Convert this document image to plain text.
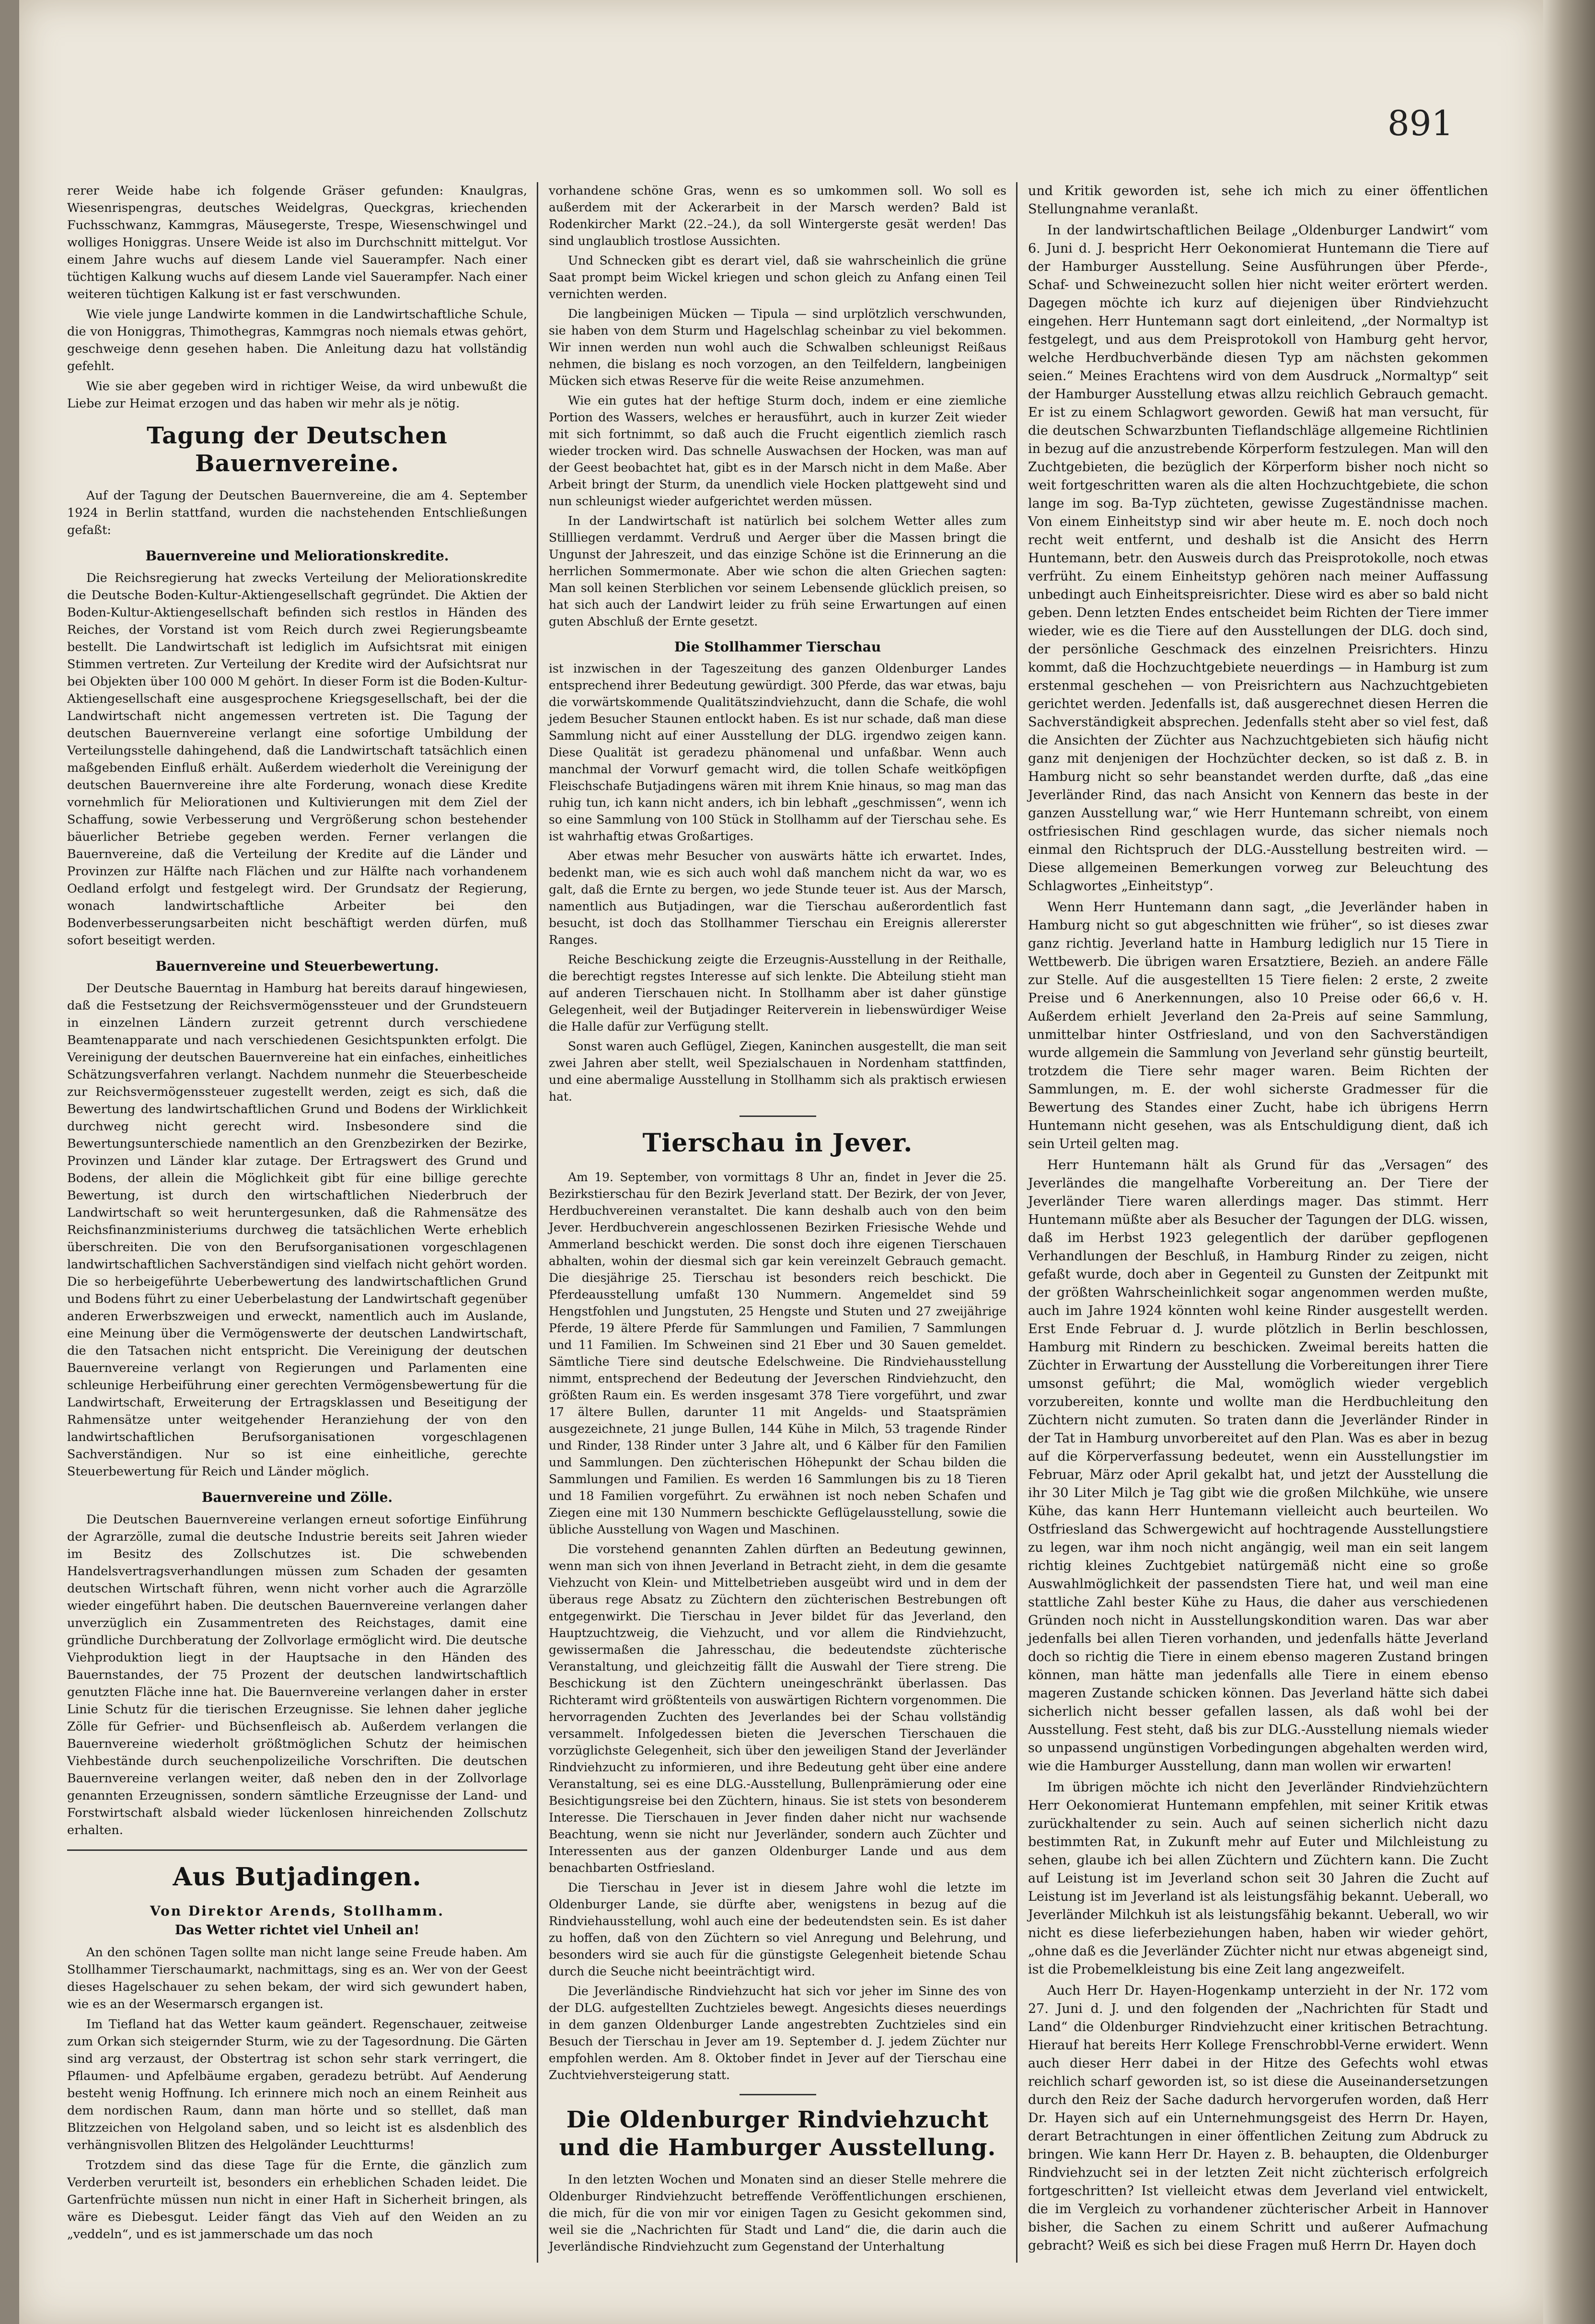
891

rerer Weide habe ich folgende Gräser gefunden: Knaulgras, Wiesenrispengras, deutsches Weidelgras, Queckgras, kriechenden Fuchsschwanz, Kammgras, Mäusegerste, Trespe, Wiesenschwingel und wolliges Honiggras. Unsere Weide ist also im Durchschnitt mittelgut. Vor einem Jahre wuchs auf diesem Lande viel Sauerampfer. Nach einer tüchtigen Kalkung wuchs auf diesem Lande viel Sauerampfer. Nach einer weiteren tüchtigen Kalkung ist er fast verschwunden.

Wie viele junge Landwirte kommen in die Landwirtschaftliche Schule, die von Honiggras, Thimothegras, Kammgras noch niemals etwas gehört, geschweige denn gesehen haben. Die Anleitung dazu hat vollständig gefehlt.

Wie sie aber gegeben wird in richtiger Weise, da wird unbewußt die Liebe zur Heimat erzogen und das haben wir mehr als je nötig.

Tagung der Deutschen Bauernvereine.

Auf der Tagung der Deutschen Bauernvereine, die am 4. September 1924 in Berlin stattfand, wurden die nachstehenden Entschließungen gefaßt:

Bauernvereine und Meliorationskredite.

Die Reichsregierung hat zwecks Verteilung der Meliorationskredite die Deutsche Boden-Kultur-Aktiengesellschaft gegründet. Die Aktien der Boden-Kultur-Aktiengesellschaft befinden sich restlos in Händen des Reiches, der Vorstand ist vom Reich durch zwei Regierungsbeamte bestellt. Die Landwirtschaft ist lediglich im Aufsichtsrat mit einigen Stimmen vertreten. Zur Verteilung der Kredite wird der Aufsichtsrat nur bei Objekten über 100 000 M gehört. In dieser Form ist die Boden-Kultur-Aktiengesellschaft eine ausgesprochene Kriegsgesellschaft, bei der die Landwirtschaft nicht angemessen vertreten ist. Die Tagung der deutschen Bauernvereine verlangt eine sofortige Umbildung der Verteilungsstelle dahingehend, daß die Landwirtschaft tatsächlich einen maßgebenden Einfluß erhält. Außerdem wiederholt die Vereinigung der deutschen Bauernvereine ihre alte Forderung, wonach diese Kredite vornehmlich für Meliorationen und Kultivierungen mit dem Ziel der Schaffung, sowie Verbesserung und Vergrößerung schon bestehender bäuerlicher Betriebe gegeben werden. Ferner verlangen die Bauernvereine, daß die Verteilung der Kredite auf die Länder und Provinzen zur Hälfte nach Flächen und zur Hälfte nach vorhandenem Oedland erfolgt und festgelegt wird. Der Grundsatz der Regierung, wonach landwirtschaftliche Arbeiter bei den Bodenverbesserungsarbeiten nicht beschäftigt werden dürfen, muß sofort beseitigt werden.

Bauernvereine und Steuerbewertung.

Der Deutsche Bauerntag in Hamburg hat bereits darauf hingewiesen, daß die Festsetzung der Reichsvermögenssteuer und der Grundsteuern in einzelnen Ländern zurzeit getrennt durch verschiedene Beamtenapparate und nach verschiedenen Gesichtspunkten erfolgt. Die Vereinigung der deutschen Bauernvereine hat ein einfaches, einheitliches Schätzungsverfahren verlangt. Nachdem nunmehr die Steuerbescheide zur Reichsvermögenssteuer zugestellt werden, zeigt es sich, daß die Bewertung des landwirtschaftlichen Grund und Bodens der Wirklichkeit durchweg nicht gerecht wird. Insbesondere sind die Bewertungsunterschiede namentlich an den Grenzbezirken der Bezirke, Provinzen und Länder klar zutage. Der Ertragswert des Grund und Bodens, der allein die Möglichkeit gibt für eine billige gerechte Bewertung, ist durch den wirtschaftlichen Niederbruch der Landwirtschaft so weit heruntergesunken, daß die Rahmensätze des Reichsfinanzministeriums durchweg die tatsächlichen Werte erheblich überschreiten. Die von den Berufsorganisationen vorgeschlagenen landwirtschaftlichen Sachverständigen sind vielfach nicht gehört worden. Die so herbeigeführte Ueberbewertung des landwirtschaftlichen Grund und Bodens führt zu einer Ueberbelastung der Landwirtschaft gegenüber anderen Erwerbszweigen und erweckt, namentlich auch im Auslande, eine Meinung über die Vermögenswerte der deutschen Landwirtschaft, die den Tatsachen nicht entspricht. Die Vereinigung der deutschen Bauernvereine verlangt von Regierungen und Parlamenten eine schleunige Herbeiführung einer gerechten Vermögensbewertung für die Landwirtschaft, Erweiterung der Ertragsklassen und Beseitigung der Rahmensätze unter weitgehender Heranziehung der von den landwirtschaftlichen Berufsorganisationen vorgeschlagenen Sachverständigen. Nur so ist eine einheitliche, gerechte Steuerbewertung für Reich und Länder möglich.

Bauernvereine und Zölle.

Die Deutschen Bauernvereine verlangen erneut sofortige Einführung der Agrarzölle, zumal die deutsche Industrie bereits seit Jahren wieder im Besitz des Zollschutzes ist. Die schwebenden Handelsvertragsverhandlungen müssen zum Schaden der gesamten deutschen Wirtschaft führen, wenn nicht vorher auch die Agrarzölle wieder eingeführt haben. Die deutschen Bauernvereine verlangen daher unverzüglich ein Zusammentreten des Reichstages, damit eine gründliche Durchberatung der Zollvorlage ermöglicht wird. Die deutsche Viehproduktion liegt in der Hauptsache in den Händen des Bauernstandes, der 75 Prozent der deutschen landwirtschaftlich genutzten Fläche inne hat. Die Bauernvereine verlangen daher in erster Linie Schutz für die tierischen Erzeugnisse. Sie lehnen daher jegliche Zölle für Gefrier- und Büchsenfleisch ab. Außerdem verlangen die Bauernvereine wiederholt größtmöglichen Schutz der heimischen Viehbestände durch seuchenpolizeiliche Vorschriften. Die deutschen Bauernvereine verlangen weiter, daß neben den in der Zollvorlage genannten Erzeugnissen, sondern sämtliche Erzeugnisse der Land- und Forstwirtschaft alsbald wieder lückenlosen hinreichenden Zollschutz erhalten.

Aus Butjadingen.
Von Direktor Arends, Stollhamm.
Das Wetter richtet viel Unheil an!

An den schönen Tagen sollte man nicht lange seine Freude haben. Am Stollhammer Tierschaumarkt, nachmittags, sing es an. Wer von der Geest dieses Hagelschauer zu sehen bekam, der wird sich gewundert haben, wie es an der Wesermarsch ergangen ist.

Im Tiefland hat das Wetter kaum geändert. Regenschauer, zeitweise zum Orkan sich steigernder Sturm, wie zu der Tagesordnung. Die Gärten sind arg verzaust, der Obstertrag ist schon sehr stark verringert, die Pflaumen- und Apfelbäume ergaben, geradezu betrübt. Auf Aenderung besteht wenig Hoffnung. Ich erinnere mich noch an einem Reinheit aus dem nordischen Raum, dann man hörte und so stelllet, daß man Blitzzeichen von Helgoland saben, und so leicht ist es alsdenblich des verhängnisvollen Blitzen des Helgoländer Leuchtturms!

Trotzdem sind das diese Tage für die Ernte, die gänzlich zum Verderben verurteilt ist, besonders ein erheblichen Schaden leidet. Die Gartenfrüchte müssen nun nicht in einer Haft in Sicherheit bringen, als wäre es Diebesgut. Leider fängt das Vieh auf den Weiden an zu „veddeln“, und es ist jammerschade um das noch

vorhandene schöne Gras, wenn es so umkommen soll. Wo soll es außerdem mit der Ackerarbeit in der Marsch werden? Bald ist Rodenkircher Markt (22.–24.), da soll Wintergerste gesät werden! Das sind unglaublich trostlose Aussichten.

Und Schnecken gibt es derart viel, daß sie wahrscheinlich die grüne Saat prompt beim Wickel kriegen und schon gleich zu Anfang einen Teil vernichten werden.

Die langbeinigen Mücken — Tipula — sind urplötzlich verschwunden, sie haben von dem Sturm und Hagelschlag scheinbar zu viel bekommen. Wir innen werden nun wohl auch die Schwalben schleunigst Reißaus nehmen, die bislang es noch vorzogen, an den Teilfeldern, langbeinigen Mücken sich etwas Reserve für die weite Reise anzumehmen.

Wie ein gutes hat der heftige Sturm doch, indem er eine ziemliche Portion des Wassers, welches er herausführt, auch in kurzer Zeit wieder mit sich fortnimmt, so daß auch die Frucht eigentlich ziemlich rasch wieder trocken wird. Das schnelle Auswachsen der Hocken, was man auf der Geest beobachtet hat, gibt es in der Marsch nicht in dem Maße. Aber Arbeit bringt der Sturm, da unendlich viele Hocken plattgeweht sind und nun schleunigst wieder aufgerichtet werden müssen.

In der Landwirtschaft ist natürlich bei solchem Wetter alles zum Stillliegen verdammt. Verdruß und Aerger über die Massen bringt die Ungunst der Jahreszeit, und das einzige Schöne ist die Erinnerung an die herrlichen Sommermonate. Aber wie schon die alten Griechen sagten: Man soll keinen Sterblichen vor seinem Lebensende glücklich preisen, so hat sich auch der Landwirt leider zu früh seine Erwartungen auf einen guten Abschluß der Ernte gesetzt.

Die Stollhammer Tierschau

ist inzwischen in der Tageszeitung des ganzen Oldenburger Landes entsprechend ihrer Bedeutung gewürdigt. 300 Pferde, das war etwas, baju die vorwärtskommende Qualitätszindviehzucht, dann die Schafe, die wohl jedem Besucher Staunen entlockt haben. Es ist nur schade, daß man diese Sammlung nicht auf einer Ausstellung der DLG. irgendwo zeigen kann. Diese Qualität ist geradezu phänomenal und unfaßbar. Wenn auch manchmal der Vorwurf gemacht wird, die tollen Schafe weitköpfigen Fleischschafe Butjadingens wären mit ihrem Knie hinaus, so mag man das ruhig tun, ich kann nicht anders, ich bin lebhaft „geschmissen“, wenn ich so eine Sammlung von 100 Stück in Stollhamm auf der Tierschau sehe. Es ist wahrhaftig etwas Großartiges.

Aber etwas mehr Besucher von auswärts hätte ich erwartet. Indes, bedenkt man, wie es sich auch wohl daß manchem nicht da war, wo es galt, daß die Ernte zu bergen, wo jede Stunde teuer ist. Aus der Marsch, namentlich aus Butjadingen, war die Tierschau außerordentlich fast besucht, ist doch das Stollhammer Tierschau ein Ereignis allererster Ranges.

Reiche Beschickung zeigte die Erzeugnis-Ausstellung in der Reithalle, die berechtigt regstes Interesse auf sich lenkte. Die Abteilung stieht man auf anderen Tierschauen nicht. In Stollhamm aber ist daher günstige Gelegenheit, weil der Butjadinger Reiterverein in liebenswürdiger Weise die Halle dafür zur Verfügung stellt.

Sonst waren auch Geflügel, Ziegen, Kaninchen ausgestellt, die man seit zwei Jahren aber stellt, weil Spezialschauen in Nordenham stattfinden, und eine abermalige Ausstellung in Stollhamm sich als praktisch erwiesen hat.

Tierschau in Jever.

Am 19. September, von vormittags 8 Uhr an, findet in Jever die 25. Bezirkstierschau für den Bezirk Jeverland statt. Der Bezirk, der von Jever, Herdbuchvereinen veranstaltet. Die kann deshalb auch von den beim Jever. Herdbuchverein angeschlossenen Bezirken Friesische Wehde und Ammerland beschickt werden. Die sonst doch ihre eigenen Tierschauen abhalten, wohin der diesmal sich gar kein vereinzelt Gebrauch gemacht. Die diesjährige 25. Tierschau ist besonders reich beschickt. Die Pferdeausstellung umfaßt 130 Nummern. Angemeldet sind 59 Hengstfohlen und Jungstuten, 25 Hengste und Stuten und 27 zweijährige Pferde, 19 ältere Pferde für Sammlungen und Familien, 7 Sammlungen und 11 Familien. Im Schweinen sind 21 Eber und 30 Sauen gemeldet. Sämtliche Tiere sind deutsche Edelschweine. Die Rindviehausstellung nimmt, entsprechend der Bedeutung der Jeverschen Rindviehzucht, den größten Raum ein. Es werden insgesamt 378 Tiere vorgeführt, und zwar 17 ältere Bullen, darunter 11 mit Angelds- und Staatsprämien ausgezeichnete, 21 junge Bullen, 144 Kühe in Milch, 53 tragende Rinder und Rinder, 138 Rinder unter 3 Jahre alt, und 6 Kälber für den Familien und Sammlungen. Den züchterischen Höhepunkt der Schau bilden die Sammlungen und Familien. Es werden 16 Sammlungen bis zu 18 Tieren und 18 Familien vorgeführt. Zu erwähnen ist noch neben Schafen und Ziegen eine mit 130 Nummern beschickte Geflügelausstellung, sowie die übliche Ausstellung von Wagen und Maschinen.

Die vorstehend genannten Zahlen dürften an Bedeutung gewinnen, wenn man sich von ihnen Jeverland in Betracht zieht, in dem die gesamte Viehzucht von Klein- und Mittelbetrieben ausgeübt wird und in dem der überaus rege Absatz zu Züchtern den züchterischen Bestrebungen oft entgegenwirkt. Die Tierschau in Jever bildet für das Jeverland, den Hauptzuchtzweig, die Viehzucht, und vor allem die Rindviehzucht, gewissermaßen die Jahresschau, die bedeutendste züchterische Veranstaltung, und gleichzeitig fällt die Auswahl der Tiere streng. Die Beschickung ist den Züchtern uneingeschränkt überlassen. Das Richteramt wird größtenteils von auswärtigen Richtern vorgenommen. Die hervorragenden Zuchten des Jeverlandes bei der Schau vollständig versammelt. Infolgedessen bieten die Jeverschen Tierschauen die vorzüglichste Gelegenheit, sich über den jeweiligen Stand der Jeverländer Rindviehzucht zu informieren, und ihre Bedeutung geht über eine andere Veranstaltung, sei es eine DLG.-Ausstellung, Bullenprämierung oder eine Besichtigungsreise bei den Züchtern, hinaus. Sie ist stets von besonderem Interesse. Die Tierschauen in Jever finden daher nicht nur wachsende Beachtung, wenn sie nicht nur Jeverländer, sondern auch Züchter und Interessenten aus der ganzen Oldenburger Lande und aus dem benachbarten Ostfriesland.

Die Tierschau in Jever ist in diesem Jahre wohl die letzte im Oldenburger Lande, sie dürfte aber, wenigstens in bezug auf die Rindviehausstellung, wohl auch eine der bedeutendsten sein. Es ist daher zu hoffen, daß von den Züchtern so viel Anregung und Belehrung, und besonders wird sie auch für die günstigste Gelegenheit bietende Schau durch die Seuche nicht beeinträchtigt wird.

Die Jeverländische Rindviehzucht hat sich vor jeher im Sinne des von der DLG. aufgestellten Zuchtzieles bewegt. Angesichts dieses neuerdings in dem ganzen Oldenburger Lande angestrebten Zuchtzieles sind ein Besuch der Tierschau in Jever am 19. September d. J. jedem Züchter nur empfohlen werden. Am 8. Oktober findet in Jever auf der Tierschau eine Zuchtviehversteigerung statt.

Die Oldenburger Rindviehzucht und die Hamburger Ausstellung.

In den letzten Wochen und Monaten sind an dieser Stelle mehrere die Oldenburger Rindviehzucht betreffende Veröffentlichungen erschienen, die mich, für die von mir vor einigen Tagen zu Gesicht gekommen sind, weil sie die „Nachrichten für Stadt und Land“ die, die darin auch die Jeverländische Rindviehzucht zum Gegenstand der Unterhaltung

und Kritik geworden ist, sehe ich mich zu einer öffentlichen Stellungnahme veranlaßt.

In der landwirtschaftlichen Beilage „Oldenburger Landwirt“ vom 6. Juni d. J. bespricht Herr Oekonomierat Huntemann die Tiere auf der Hamburger Ausstellung. Seine Ausführungen über Pferde-, Schaf- und Schweinezucht sollen hier nicht weiter erörtert werden. Dagegen möchte ich kurz auf diejenigen über Rindviehzucht eingehen. Herr Huntemann sagt dort einleitend, „der Normaltyp ist festgelegt, und aus dem Preisprotokoll von Hamburg geht hervor, welche Herdbuchverbände diesen Typ am nächsten gekommen seien.“ Meines Erachtens wird von dem Ausdruck „Normaltyp“ seit der Hamburger Ausstellung etwas allzu reichlich Gebrauch gemacht. Er ist zu einem Schlagwort geworden. Gewiß hat man versucht, für die deutschen Schwarzbunten Tieflandschläge allgemeine Richtlinien in bezug auf die anzustrebende Körperform festzulegen. Man will den Zuchtgebieten, die bezüglich der Körperform bisher noch nicht so weit fortgeschritten waren als die alten Hochzuchtgebiete, die schon lange im sog. Ba-Typ züchteten, gewisse Zugeständnisse machen. Von einem Einheitstyp sind wir aber heute m. E. noch doch noch recht weit entfernt, und deshalb ist die Ansicht des Herrn Huntemann, betr. den Ausweis durch das Preisprotokolle, noch etwas verfrüht. Zu einem Einheitstyp gehören nach meiner Auffassung unbedingt auch Einheitspreisrichter. Diese wird es aber so bald nicht geben. Denn letzten Endes entscheidet beim Richten der Tiere immer wieder, wie es die Tiere auf den Ausstellungen der DLG. doch sind, der persönliche Geschmack des einzelnen Preisrichters. Hinzu kommt, daß die Hochzuchtgebiete neuerdings — in Hamburg ist zum erstenmal geschehen — von Preisrichtern aus Nachzuchtgebieten gerichtet werden. Jedenfalls ist, daß ausgerechnet diesen Herren die Sachverständigkeit absprechen. Jedenfalls steht aber so viel fest, daß die Ansichten der Züchter aus Nachzuchtgebieten sich häufig nicht ganz mit denjenigen der Hochzüchter decken, so ist daß z. B. in Hamburg nicht so sehr beanstandet werden durfte, daß „das eine Jeverländer Rind, das nach Ansicht von Kennern das beste in der ganzen Ausstellung war,“ wie Herr Huntemann schreibt, von einem ostfriesischen Rind geschlagen wurde, das sicher niemals noch einmal den Richtspruch der DLG.-Ausstellung bestreiten wird. — Diese allgemeinen Bemerkungen vorweg zur Beleuchtung des Schlagwortes „Einheitstyp“.

Wenn Herr Huntemann dann sagt, „die Jeverländer haben in Hamburg nicht so gut abgeschnitten wie früher“, so ist dieses zwar ganz richtig. Jeverland hatte in Hamburg lediglich nur 15 Tiere in Wettbewerb. Die übrigen waren Ersatztiere, Bezieh. an andere Fälle zur Stelle. Auf die ausgestellten 15 Tiere fielen: 2 erste, 2 zweite Preise und 6 Anerkennungen, also 10 Preise oder 66,6 v. H. Außerdem erhielt Jeverland den 2a-Preis auf seine Sammlung, unmittelbar hinter Ostfriesland, und von den Sachverständigen wurde allgemein die Sammlung von Jeverland sehr günstig beurteilt, trotzdem die Tiere sehr mager waren. Beim Richten der Sammlungen, m. E. der wohl sicherste Gradmesser für die Bewertung des Standes einer Zucht, habe ich übrigens Herrn Huntemann nicht gesehen, was als Entschuldigung dient, daß ich sein Urteil gelten mag.

Herr Huntemann hält als Grund für das „Versagen“ des Jeverländes die mangelhafte Vorbereitung an. Der Tiere der Jeverländer Tiere waren allerdings mager. Das stimmt. Herr Huntemann müßte aber als Besucher der Tagungen der DLG. wissen, daß im Herbst 1923 gelegentlich der darüber gepflogenen Verhandlungen der Beschluß, in Hamburg Rinder zu zeigen, nicht gefaßt wurde, doch aber in Gegenteil zu Gunsten der Zeitpunkt mit der größten Wahrscheinlichkeit sogar angenommen werden mußte, auch im Jahre 1924 könnten wohl keine Rinder ausgestellt werden. Erst Ende Februar d. J. wurde plötzlich in Berlin beschlossen, Hamburg mit Rindern zu beschicken. Zweimal bereits hatten die Züchter in Erwartung der Ausstellung die Vorbereitungen ihrer Tiere umsonst geführt; die Mal, womöglich wieder vergeblich vorzubereiten, konnte und wollte man die Herdbuchleitung den Züchtern nicht zumuten. So traten dann die Jeverländer Rinder in der Tat in Hamburg unvorbereitet auf den Plan. Was es aber in bezug auf die Körperverfassung bedeutet, wenn ein Ausstellungstier im Februar, März oder April gekalbt hat, und jetzt der Ausstellung die ihr 30 Liter Milch je Tag gibt wie die großen Milchkühe, wie unsere Kühe, das kann Herr Huntemann vielleicht auch beurteilen. Wo Ostfriesland das Schwergewicht auf hochtragende Ausstellungstiere zu legen, war ihm noch nicht angängig, weil man ein seit langem richtig kleines Zuchtgebiet natürgemäß nicht eine so große Auswahlmöglichkeit der passendsten Tiere hat, und weil man eine stattliche Zahl bester Kühe zu Haus, die daher aus verschiedenen Gründen noch nicht in Ausstellungskondition waren. Das war aber jedenfalls bei allen Tieren vorhanden, und jedenfalls hätte Jeverland doch so richtig die Tiere in einem ebenso mageren Zustand bringen können, man hätte man jedenfalls alle Tiere in einem ebenso mageren Zustande schicken können. Das Jeverland hätte sich dabei sicherlich nicht besser gefallen lassen, als daß wohl bei der Ausstellung. Fest steht, daß bis zur DLG.-Ausstellung niemals wieder so unpassend ungünstigen Vorbedingungen abgehalten werden wird, wie die Hamburger Ausstellung, dann man wollen wir erwarten!

Im übrigen möchte ich nicht den Jeverländer Rindviehzüchtern Herr Oekonomierat Huntemann empfehlen, mit seiner Kritik etwas zurückhaltender zu sein. Auch auf seinen sicherlich nicht dazu bestimmten Rat, in Zukunft mehr auf Euter und Milchleistung zu sehen, glaube ich bei allen Züchtern und Züchtern kann. Die Zucht auf Leistung ist im Jeverland schon seit 30 Jahren die Zucht auf Leistung ist im Jeverland ist als leistungsfähig bekannt. Ueberall, wo Jeverländer Milchkuh ist als leistungsfähig bekannt. Ueberall, wo wir nicht es diese lieferbeziehungen haben, haben wir wieder gehört, „ohne daß es die Jeverländer Züchter nicht nur etwas abgeneigt sind, ist die Probemelkleistung bis eine Zeit lang angezweifelt.

Auch Herr Dr. Hayen-Hogenkamp unterzieht in der Nr. 172 vom 27. Juni d. J. und den folgenden der „Nachrichten für Stadt und Land“ die Oldenburger Rindviehzucht einer kritischen Betrachtung. Hierauf hat bereits Herr Kollege Frenschrobbl-Verne erwidert. Wenn auch dieser Herr dabei in der Hitze des Gefechts wohl etwas reichlich scharf geworden ist, so ist diese die Auseinandersetzungen durch den Reiz der Sache dadurch hervorgerufen worden, daß Herr Dr. Hayen sich auf ein Unternehmungsgeist des Herrn Dr. Hayen, derart Betrachtungen in einer öffentlichen Zeitung zum Abdruck zu bringen. Wie kann Herr Dr. Hayen z. B. behaupten, die Oldenburger Rindviehzucht sei in der letzten Zeit nicht züchterisch erfolgreich fortgeschritten? Ist vielleicht etwas dem Jeverland viel entwickelt, die im Vergleich zu vorhandener züchterischer Arbeit in Hannover bisher, die Sachen zu einem Schritt und außerer Aufmachung gebracht? Weiß es sich bei diese Fragen muß Herrn Dr. Hayen doch
